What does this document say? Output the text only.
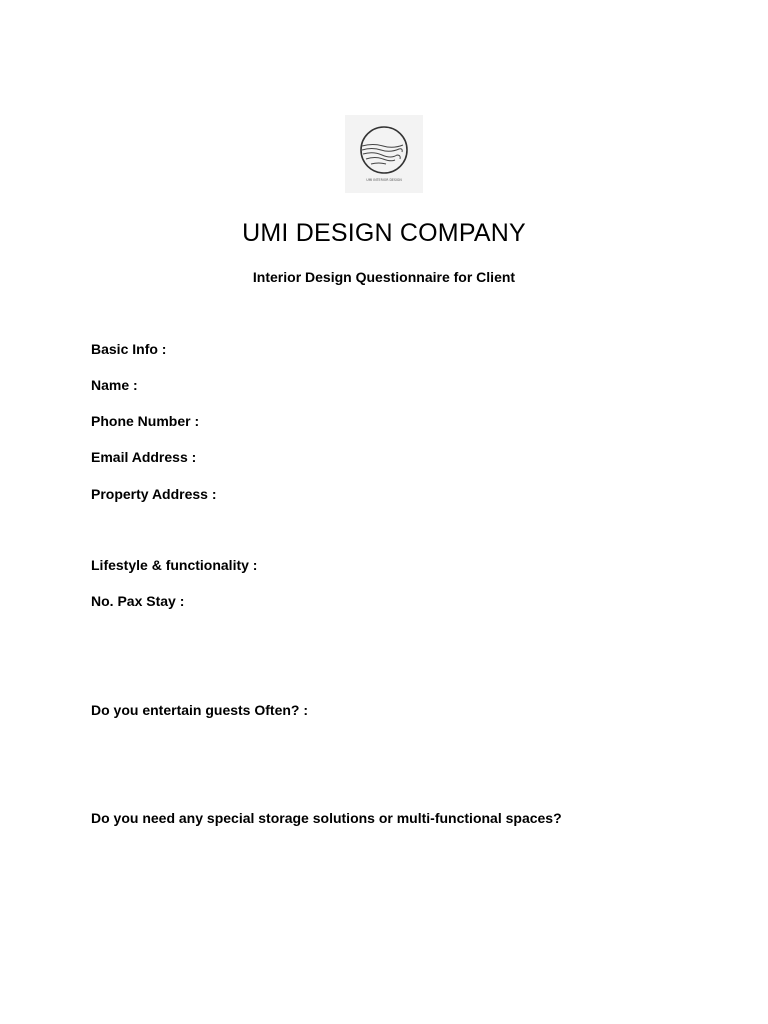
UMI INTERIOR DESIGN
UMI DESIGN COMPANY
Interior Design Questionnaire for Client
Basic Info :
Name :
Phone Number :
Email Address :
Property Address :
Lifestyle & functionality :
No. Pax Stay :
Do you entertain guests Often? :
Do you need any special storage solutions or multi-functional spaces?
